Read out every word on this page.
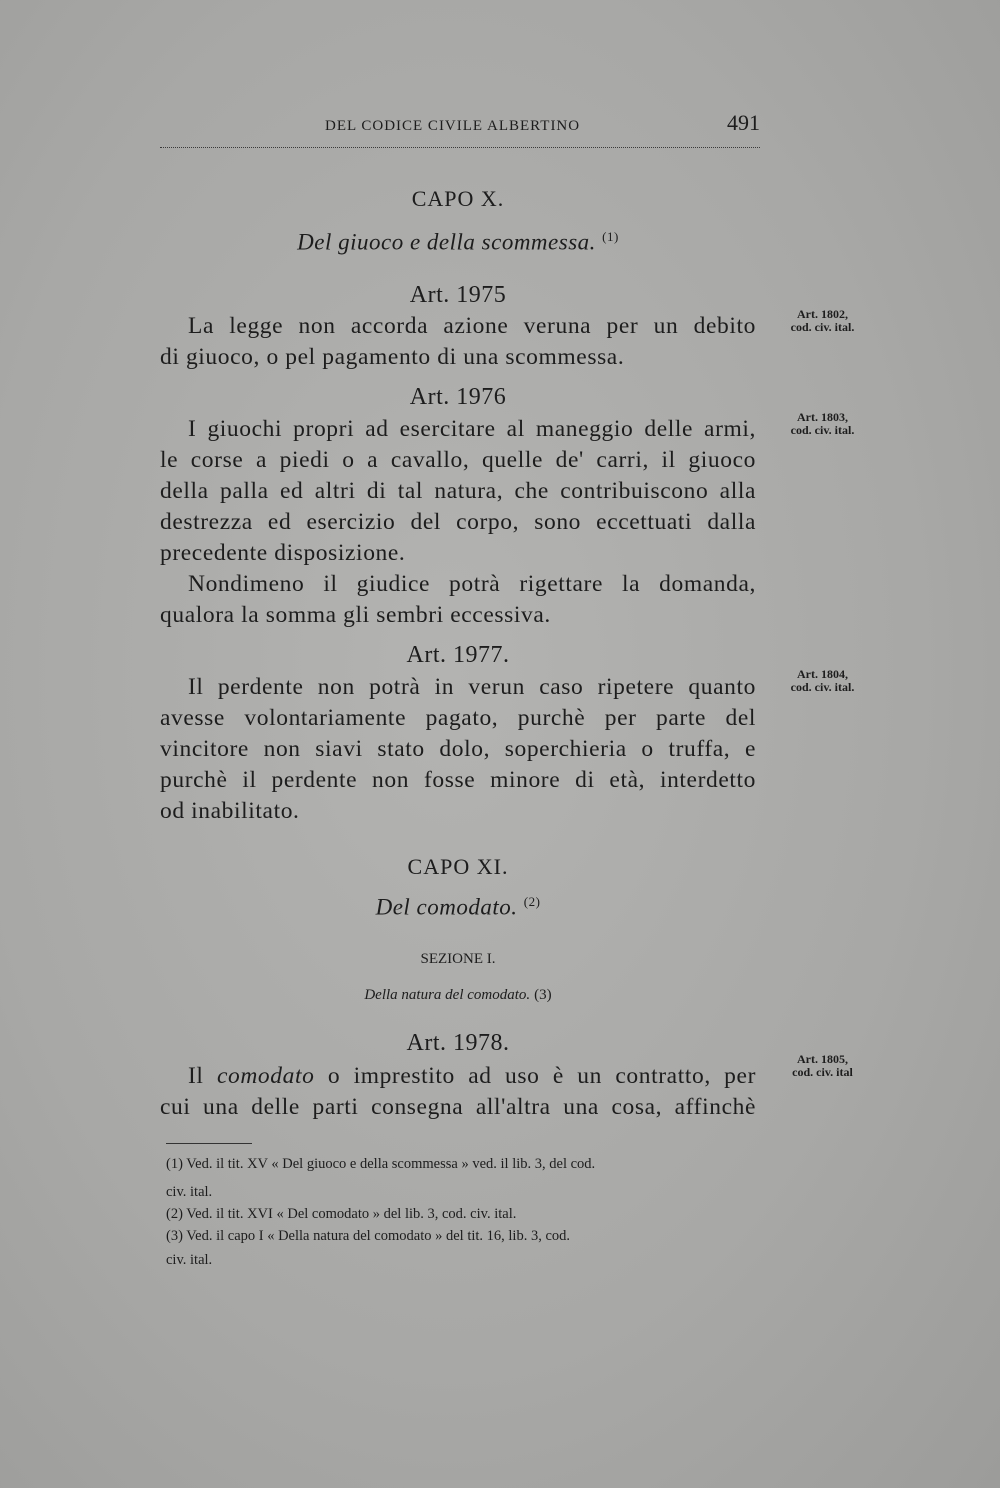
DEL CODICE CIVILE ALBERTINO	491
CAPO X.
Del giuoco e della scommessa. $^{(1)}$
Art. 1975
La legge non accorda azione veruna per un debito
di giuoco, o pel pagamento di una scommessa.
Art. 1802,
cod. civ. ital.
Art. 1976
I giuochi propri ad esercitare al maneggio delle armi,
le corse a piedi o a cavallo, quelle de' carri, il giuoco
della palla ed altri di tal natura, che contribuiscono alla
destrezza ed esercizio del corpo, sono eccettuati dalla
precedente disposizione.
Nondimeno il giudice potrà rigettare la domanda,
qualora la somma gli sembri eccessiva.
Art. 1803,
cod. civ. ital.
Art. 1977.
Il perdente non potrà in verun caso ripetere quanto
avesse volontariamente pagato, purchè per parte del
vincitore non siavi stato dolo, soperchieria o truffa, e
purchè il perdente non fosse minore di età, interdetto
od inabilitato.
Art. 1804,
cod. civ. ital.
CAPO XI.
Del comodato. $^{(2)}$
SEZIONE I.
Della natura del comodato. (3)
Art. 1978.
Il comodato o imprestito ad uso è un contratto, per
cui una delle parti consegna all'altra una cosa, affinchè
Art. 1805,
cod. civ. ital
(1) Ved. il tit. XV « Del giuoco e della scommessa » ved. il lib. 3, del cod.
civ. ital.
(2) Ved. il tit. XVI « Del comodato » del lib. 3, cod. civ. ital.
(3) Ved. il capo I « Della natura del comodato » del tit. 16, lib. 3, cod.
civ. ital.
